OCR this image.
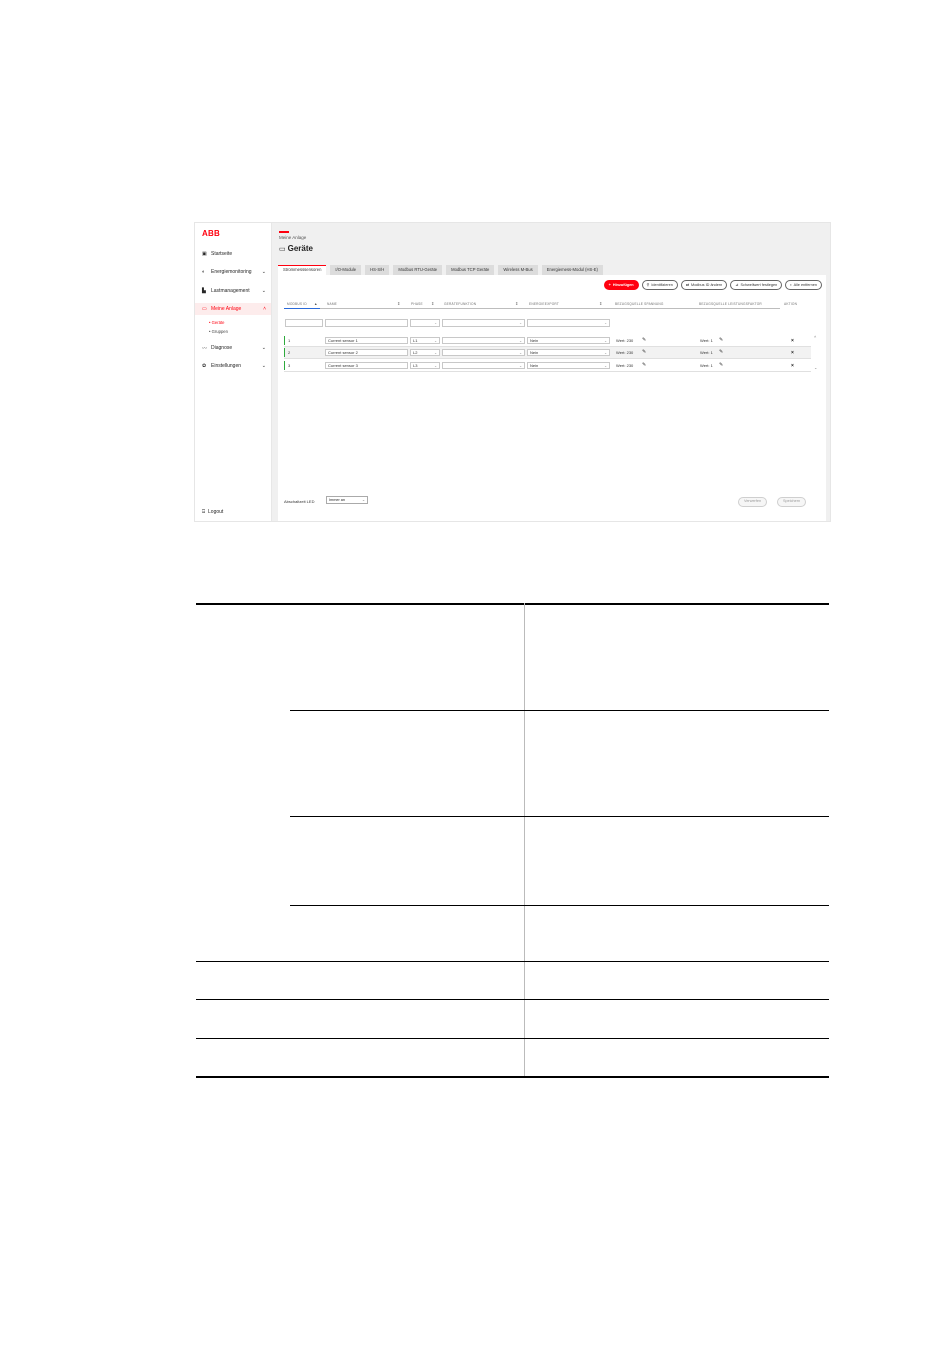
ABB
▣ Startseite
◐	Energiemonitoring ⌄
▙	Lastmanagement ⌄
▭ Meine Anlage	˄
• Geräte
• Gruppen
〰 Diagnose	⌄
✿ Einstellungen	⌄
⍈ Logout
Meine Anlage
▭ Geräte
Strommesssensoren	I/O-Module	HS-S/H	Modbus RTU-Geräte	Modbus TCP Geräte	Wireless M-Bus	Energiemess-Modul (HS-E)
+ Hinzufügen	⚲ Identifizieren	⇄ Modbus ID ändern	⊿ Schwellwert festlegen	▪ Alle entfernen
MODBUS ID ▲	NAME	⇕	PHASE ⇕	GERÄTEFUNKTION	⇕	ENERGIEEXPORT	⇕	BEZUGSQUELLE SPANNUNG	BEZUGSQUELLE LEISTUNGSFAKTOR	AKTION
⌄	⌄	⌄
1	Current sensor 1	L1	⌄	⌄	Nein	⌄ Wert: 230 ✎	Wert: 1 ✎	×
2	Current sensor 2	L2	⌄	⌄	Nein	⌄ Wert: 230 ✎	Wert: 1 ✎	×
3	Current sensor 3	L3	⌄	⌄	Nein	⌄ Wert: 230 ✎	Wert: 1 ✎	×
˄
⌄
Abschaltzeit LED	Immer an	⌄	Verwerfen	Speichern
